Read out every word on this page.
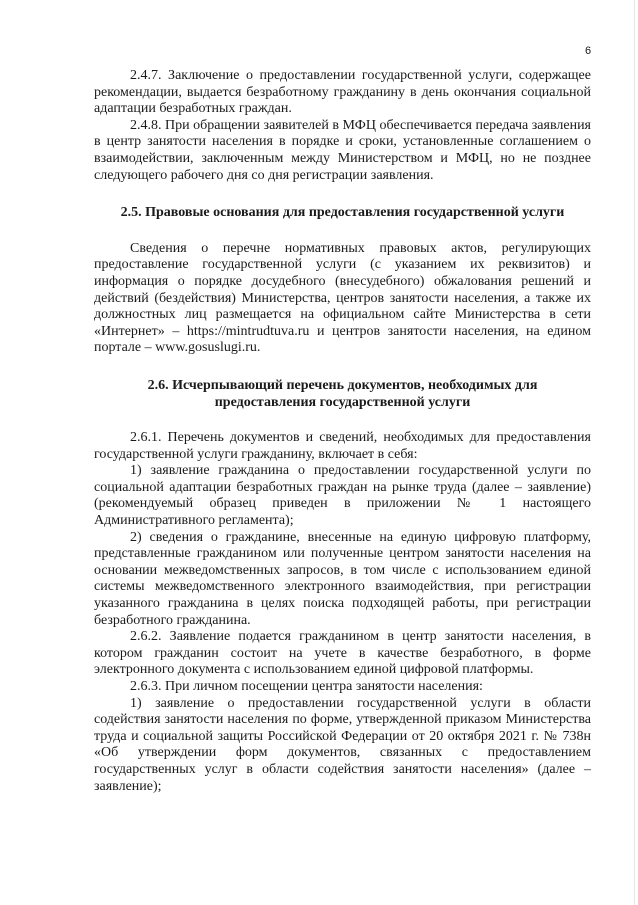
6

2.4.7. Заключение о предоставлении государственной услуги, содержащее рекомендации, выдается безработному гражданину в день окончания социальной адаптации безработных граждан.

2.4.8. При обращении заявителей в МФЦ обеспечивается передача заявления в центр занятости населения в порядке и сроки, установленные соглашением о взаимодействии, заключенным между Министерством и МФЦ, но не позднее следующего рабочего дня со дня регистрации заявления.

2.5. Правовые основания для предоставления государственной услуги

Сведения о перечне нормативных правовых актов, регулирующих предоставление государственной услуги (с указанием их реквизитов) и информация о порядке досудебного (внесудебного) обжалования решений и действий (бездействия) Министерства, центров занятости населения, а также их должностных лиц размещается на официальном сайте Министерства в сети «Интернет» – https://mintrudtuva.ru и центров занятости населения, на едином портале – www.gosuslugi.ru.

2.6. Исчерпывающий перечень документов, необходимых для предоставления государственной услуги

2.6.1. Перечень документов и сведений, необходимых для предоставления государственной услуги гражданину, включает в себя:

1) заявление гражданина о предоставлении государственной услуги по социальной адаптации безработных граждан на рынке труда (далее – заявление) (рекомендуемый образец приведен в приложении № 1 настоящего Административного регламента);

2) сведения о гражданине, внесенные на единую цифровую платформу, представленные гражданином или полученные центром занятости населения на основании межведомственных запросов, в том числе с использованием единой системы межведомственного электронного взаимодействия, при регистрации указанного гражданина в целях поиска подходящей работы, при регистрации безработного гражданина.

2.6.2. Заявление подается гражданином в центр занятости населения, в котором гражданин состоит на учете в качестве безработного, в форме электронного документа с использованием единой цифровой платформы.

2.6.3. При личном посещении центра занятости населения:

1) заявление о предоставлении государственной услуги в области содействия занятости населения по форме, утвержденной приказом Министерства труда и социальной защиты Российской Федерации от 20 октября 2021 г. № 738н «Об утверждении форм документов, связанных с предоставлением государственных услуг в области содействия занятости населения» (далее – заявление);
